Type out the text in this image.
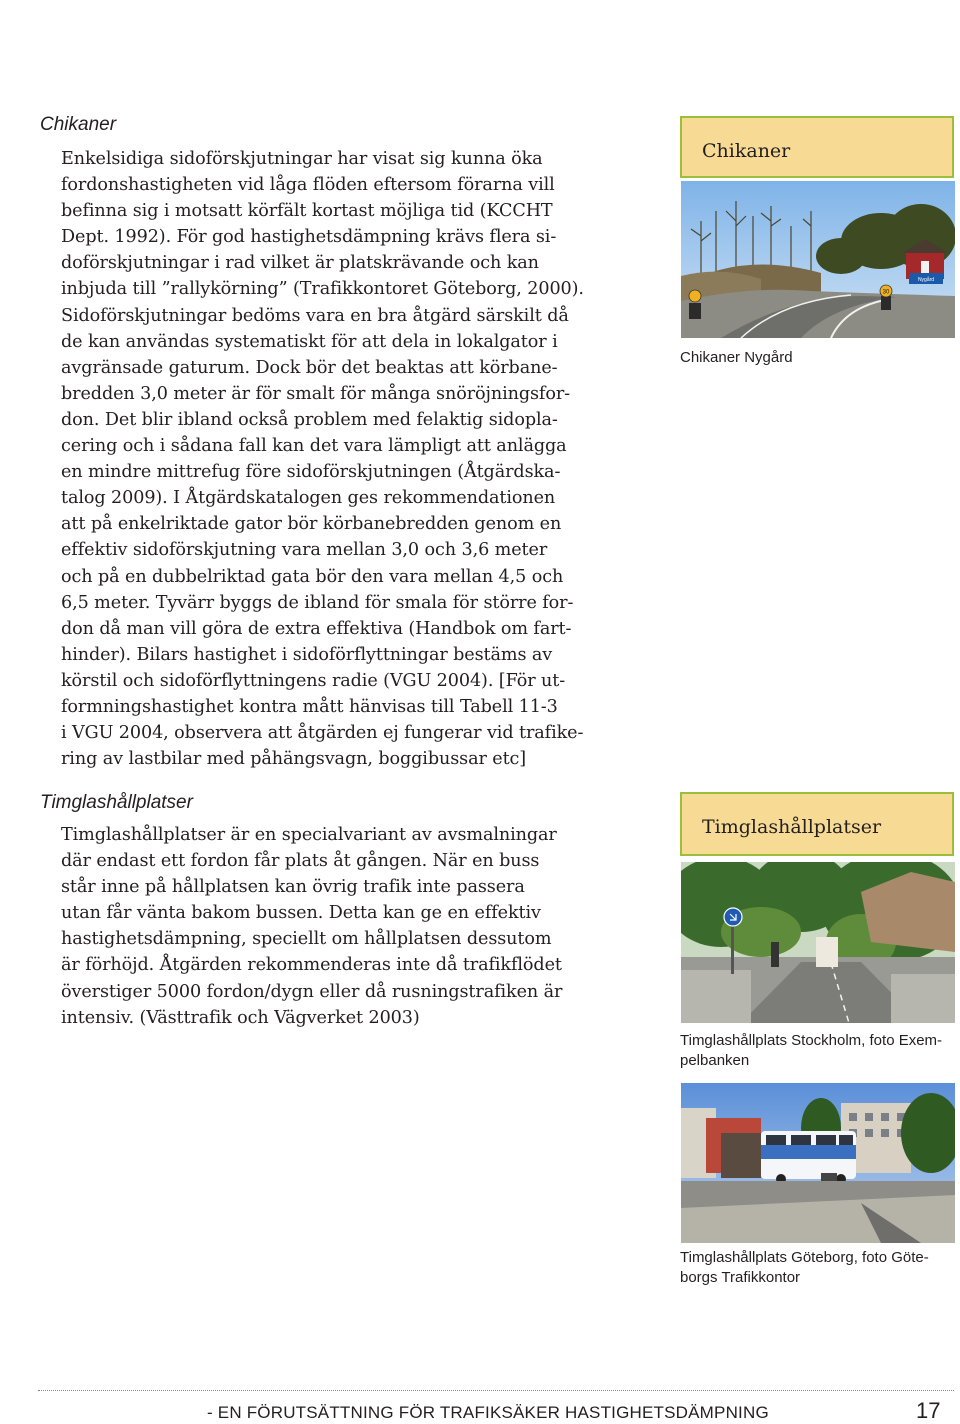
Chikaner

Enkelsidiga sidoförskjutningar har visat sig kunna öka
fordonshastigheten vid låga flöden eftersom förarna vill
befinna sig i motsatt körfält kortast möjliga tid (KCCHT
Dept. 1992). För god hastighetsdämpning krävs flera si-
doförskjutningar i rad vilket är platskrävande och kan
inbjuda till ”rallykörning” (Trafikkontoret Göteborg, 2000).
Sidoförskjutningar bedöms vara en bra åtgärd särskilt då
de kan användas systematiskt för att dela in lokalgator i
avgränsade gaturum. Dock bör det beaktas att körbane-
bredden 3,0 meter är för smalt för många snöröjningsfor-
don. Det blir ibland också problem med felaktig sidopla-
cering och i sådana fall kan det vara lämpligt att anlägga
en mindre mittrefug före sidoförskjutningen (Åtgärdska-
talog 2009). I Åtgärdskatalogen ges rekommendationen
att på enkelriktade gator bör körbanebredden genom en
effektiv sidoförskjutning vara mellan 3,0 och 3,6 meter
och på en dubbelriktad gata bör den vara mellan 4,5 och
6,5 meter. Tyvärr byggs de ibland för smala för större for-
don då man vill göra de extra effektiva (Handbok om fart-
hinder). Bilars hastighet i sidoförflyttningar bestäms av
körstil och sidoförflyttningens radie (VGU 2004). [För ut-
formningshastighet kontra mått hänvisas till Tabell 11-3
i VGU 2004, observera att åtgärden ej fungerar vid trafike-
ring av lastbilar med påhängsvagn, boggibussar etc]

Timglashållplatser

Timglashållplatser är en specialvariant av avsmalningar
där endast ett fordon får plats åt gången. När en buss
står inne på hållplatsen kan övrig trafik inte passera
utan får vänta bakom bussen. Detta kan ge en effektiv
hastighetsdämpning, speciellt om hållplatsen dessutom
är förhöjd. Åtgärden rekommenderas inte då trafikflödet
överstiger 5000 fordon/dygn eller då rusningstrafiken är
intensiv. (Västtrafik och Vägverket 2003)

Chikaner
30
Nygård

Chikaner Nygård

Timglashållplatser

Timglashållplats Stockholm, foto Exem-
pelbanken

Timglashållplats Göteborg, foto Göte-
borgs Trafikkontor

- EN FÖRUTSÄTTNING FÖR TRAFIKSÄKER HASTIGHETSDÄMPNING	17
